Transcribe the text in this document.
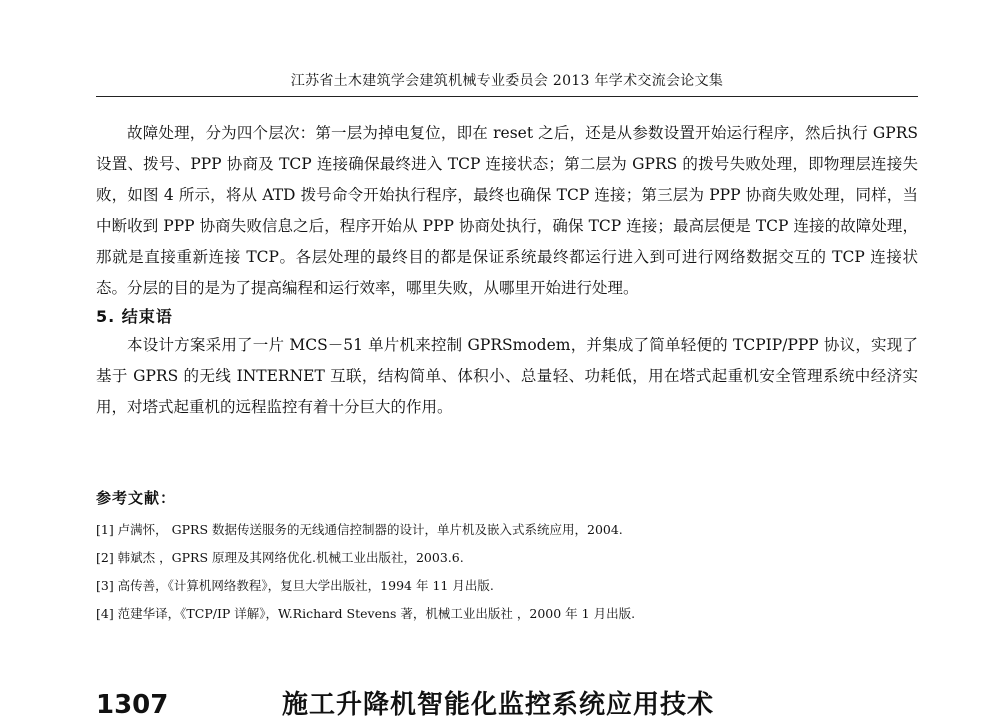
江苏省土木建筑学会建筑机械专业委员会 2013 年学术交流会论文集

故障处理，分为四个层次：第一层为掉电复位，即在 reset 之后，还是从参数设置开始运行程序，然后执行 GPRS 设置、拨号、PPP 协商及 TCP 连接确保最终进入 TCP 连接状态；第二层为 GPRS 的拨号失败处理，即物理层连接失败，如图 4 所示，将从 ATD 拨号命令开始执行程序，最终也确保 TCP 连接；第三层为 PPP 协商失败处理，同样，当中断收到 PPP 协商失败信息之后，程序开始从 PPP 协商处执行，确保 TCP 连接；最高层便是 TCP 连接的故障处理，那就是直接重新连接 TCP。各层处理的最终目的都是保证系统最终都运行进入到可进行网络数据交互的 TCP 连接状态。分层的目的是为了提高编程和运行效率，哪里失败，从哪里开始进行处理。

5. 结束语

本设计方案采用了一片 MCS－51 单片机来控制 GPRSmodem，并集成了简单轻便的 TCPIP/PPP 协议，实现了基于 GPRS 的无线 INTERNET 互联，结构简单、体积小、总量轻、功耗低，用在塔式起重机安全管理系统中经济实用，对塔式起重机的远程监控有着十分巨大的作用。

参考文献：
[1] 卢满怀， GPRS 数据传送服务的无线通信控制器的设计，单片机及嵌入式系统应用，2004.
[2] 韩斌杰 ，GPRS 原理及其网络优化.机械工业出版社，2003.6.
[3] 高传善，《计算机网络教程》，复旦大学出版社，1994 年 11 月出版.
[4] 范建华译，《TCP/IP 详解》，W.Richard Stevens 著，机械工业出版社 ，2000 年 1 月出版.
1307	施工升降机智能化监控系统应用技术
